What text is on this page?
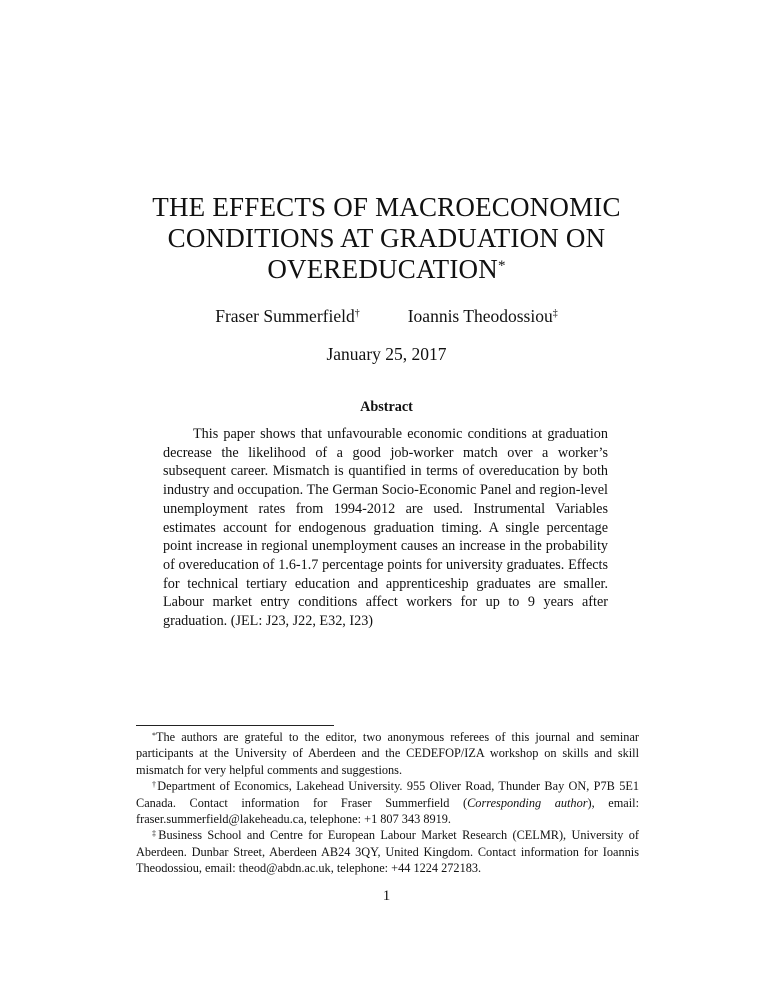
THE EFFECTS OF MACROECONOMIC
CONDITIONS AT GRADUATION ON
OVEREDUCATION*
Fraser Summerfield†	Ioannis Theodossiou‡
January 25, 2017
Abstract

This paper shows that unfavourable economic conditions at graduation decrease the likelihood of a good job-worker match over a worker’s subsequent career. Mismatch is quantified in terms of overeducation by both industry and occupation. The German Socio-Economic Panel and region-level unemployment rates from 1994-2012 are used. Instrumental Variables estimates account for endogenous graduation timing. A single percentage point increase in regional unemployment causes an increase in the probability of overeducation of 1.6-1.7 percentage points for university graduates. Effects for technical tertiary education and apprenticeship graduates are smaller. Labour market entry conditions affect workers for up to 9 years after graduation. (JEL: J23, J22, E32, I23)

*The authors are grateful to the editor, two anonymous referees of this journal and seminar participants at the University of Aberdeen and the CEDEFOP/IZA workshop on skills and skill mismatch for very helpful comments and suggestions.

†Department of Economics, Lakehead University. 955 Oliver Road, Thunder Bay ON, P7B 5E1 Canada. Contact information for Fraser Summerfield (Corresponding author), email: fraser.summerfield@lakeheadu.ca, telephone: +1 807 343 8919.

‡Business School and Centre for European Labour Market Research (CELMR), University of Aberdeen. Dunbar Street, Aberdeen AB24 3QY, United Kingdom. Contact information for Ioannis Theodossiou, email: theod@abdn.ac.uk, telephone: +44 1224 272183.

1
